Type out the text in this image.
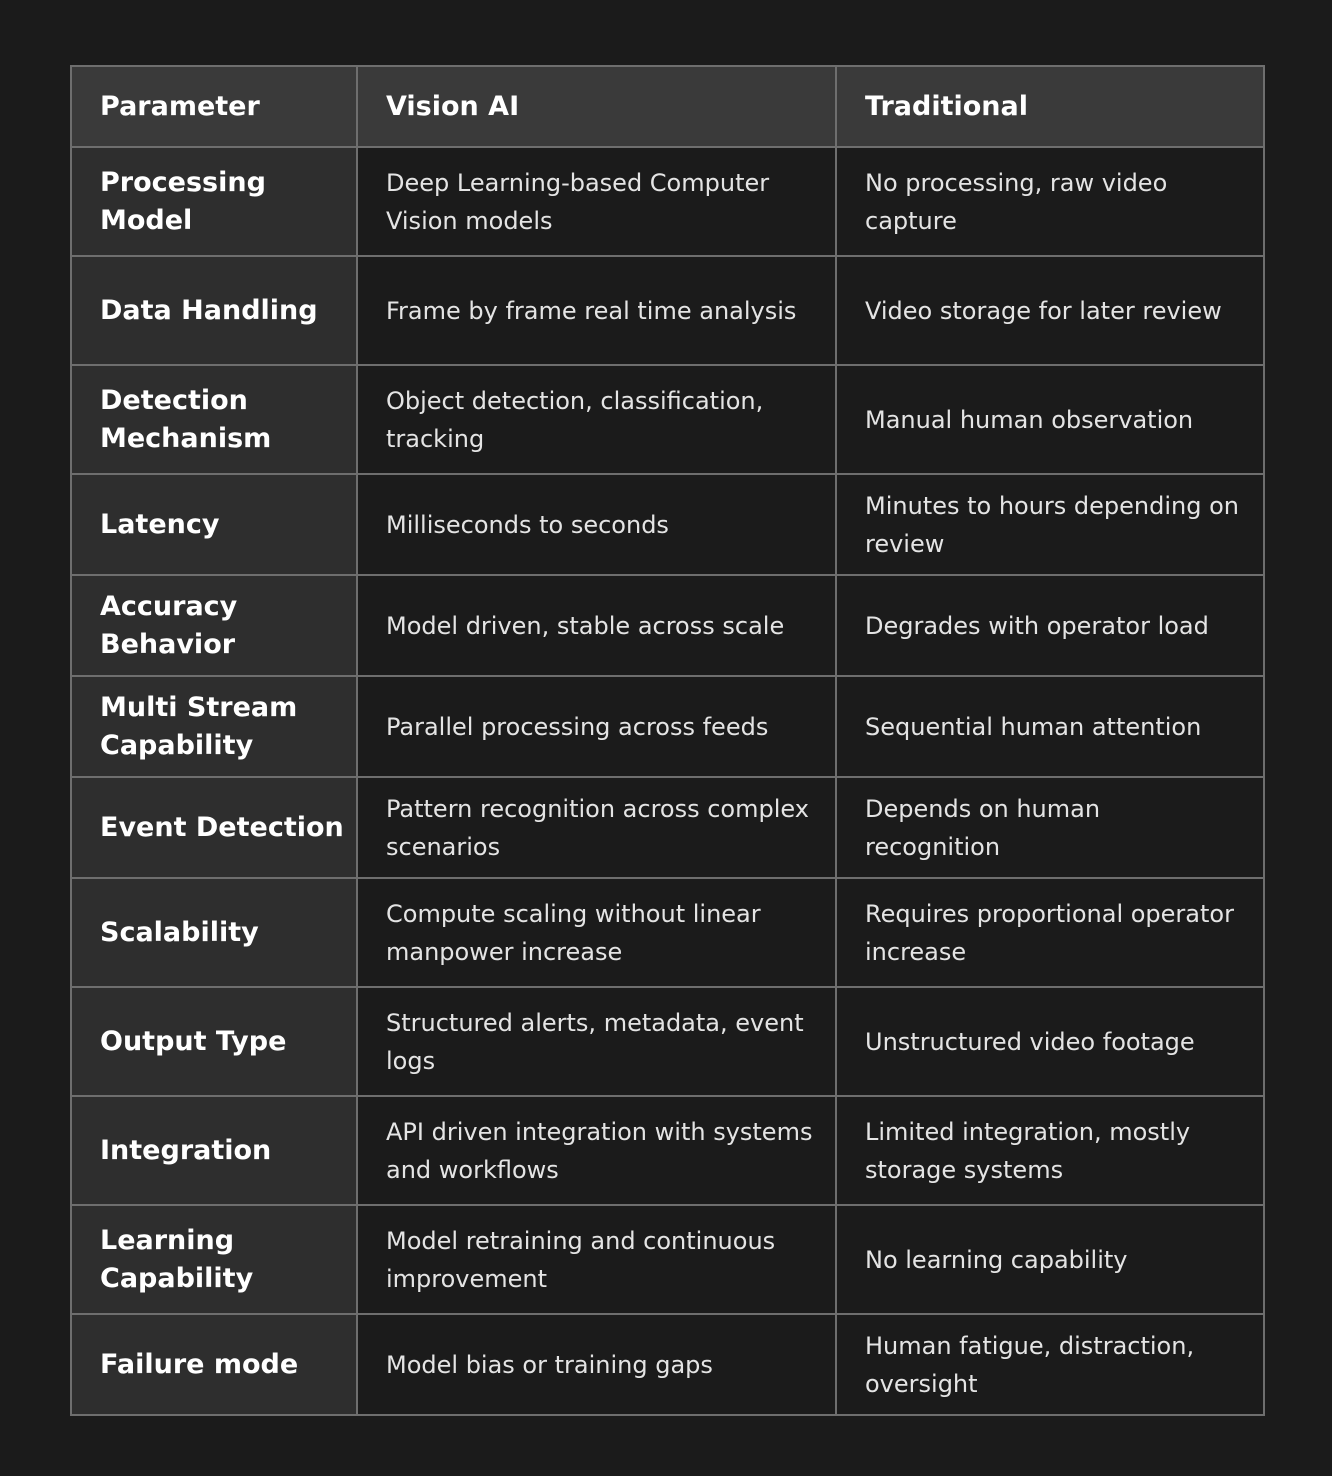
Parameter	Vision AI	Traditional
Processing Model	Deep Learning-based Computer Vision models	No processing, raw video capture
Data Handling	Frame by frame real time analysis	Video storage for later review
Detection Mechanism	Object detection, classification, tracking	Manual human observation
Latency	Milliseconds to seconds	Minutes to hours depending on review
Accuracy Behavior	Model driven, stable across scale	Degrades with operator load
Multi Stream Capability	Parallel processing across feeds	Sequential human attention
Event Detection	Pattern recognition across complex scenarios	Depends on human recognition
Scalability	Compute scaling without linear manpower increase	Requires proportional operator increase
Output Type	Structured alerts, metadata, event logs	Unstructured video footage
Integration	API driven integration with systems and workflows	Limited integration, mostly storage systems
Learning Capability	Model retraining and continuous improvement	No learning capability
Failure mode	Model bias or training gaps	Human fatigue, distraction, oversight
